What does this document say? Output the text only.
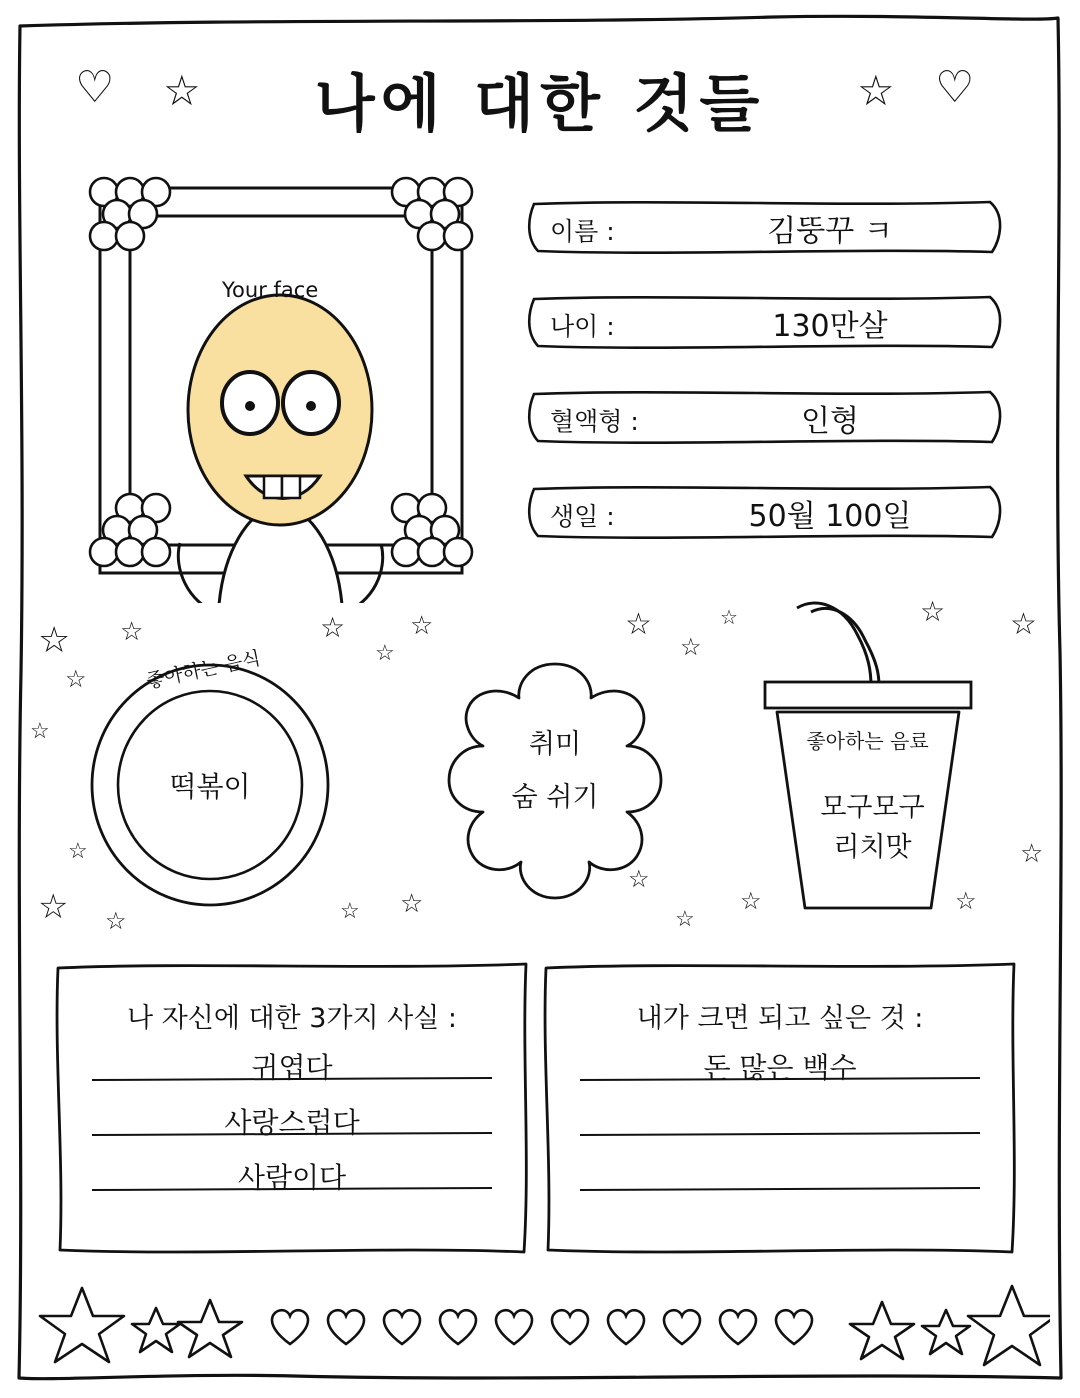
나에 대한 것들
♡
☆
☆
♡
Your face
이름 :	김뚱꾸 ㅋ
나이 :	130만살
혈액형 :	인형
생일 :	50월 100일
☆
☆
☆
☆
☆
☆
☆
☆
☆
☆
☆
☆
☆
☆
☆
☆
☆
☆
☆
☆
☆
☆
좋아하는 음식
떡볶이
취미
숨 쉬기
좋아하는 음료
모구모구
리치맛
나 자신에 대한 3가지 사실 :
귀엽다
사랑스럽다
사람이다
내가 크면 되고 싶은 것 :
돈 많은 백수
